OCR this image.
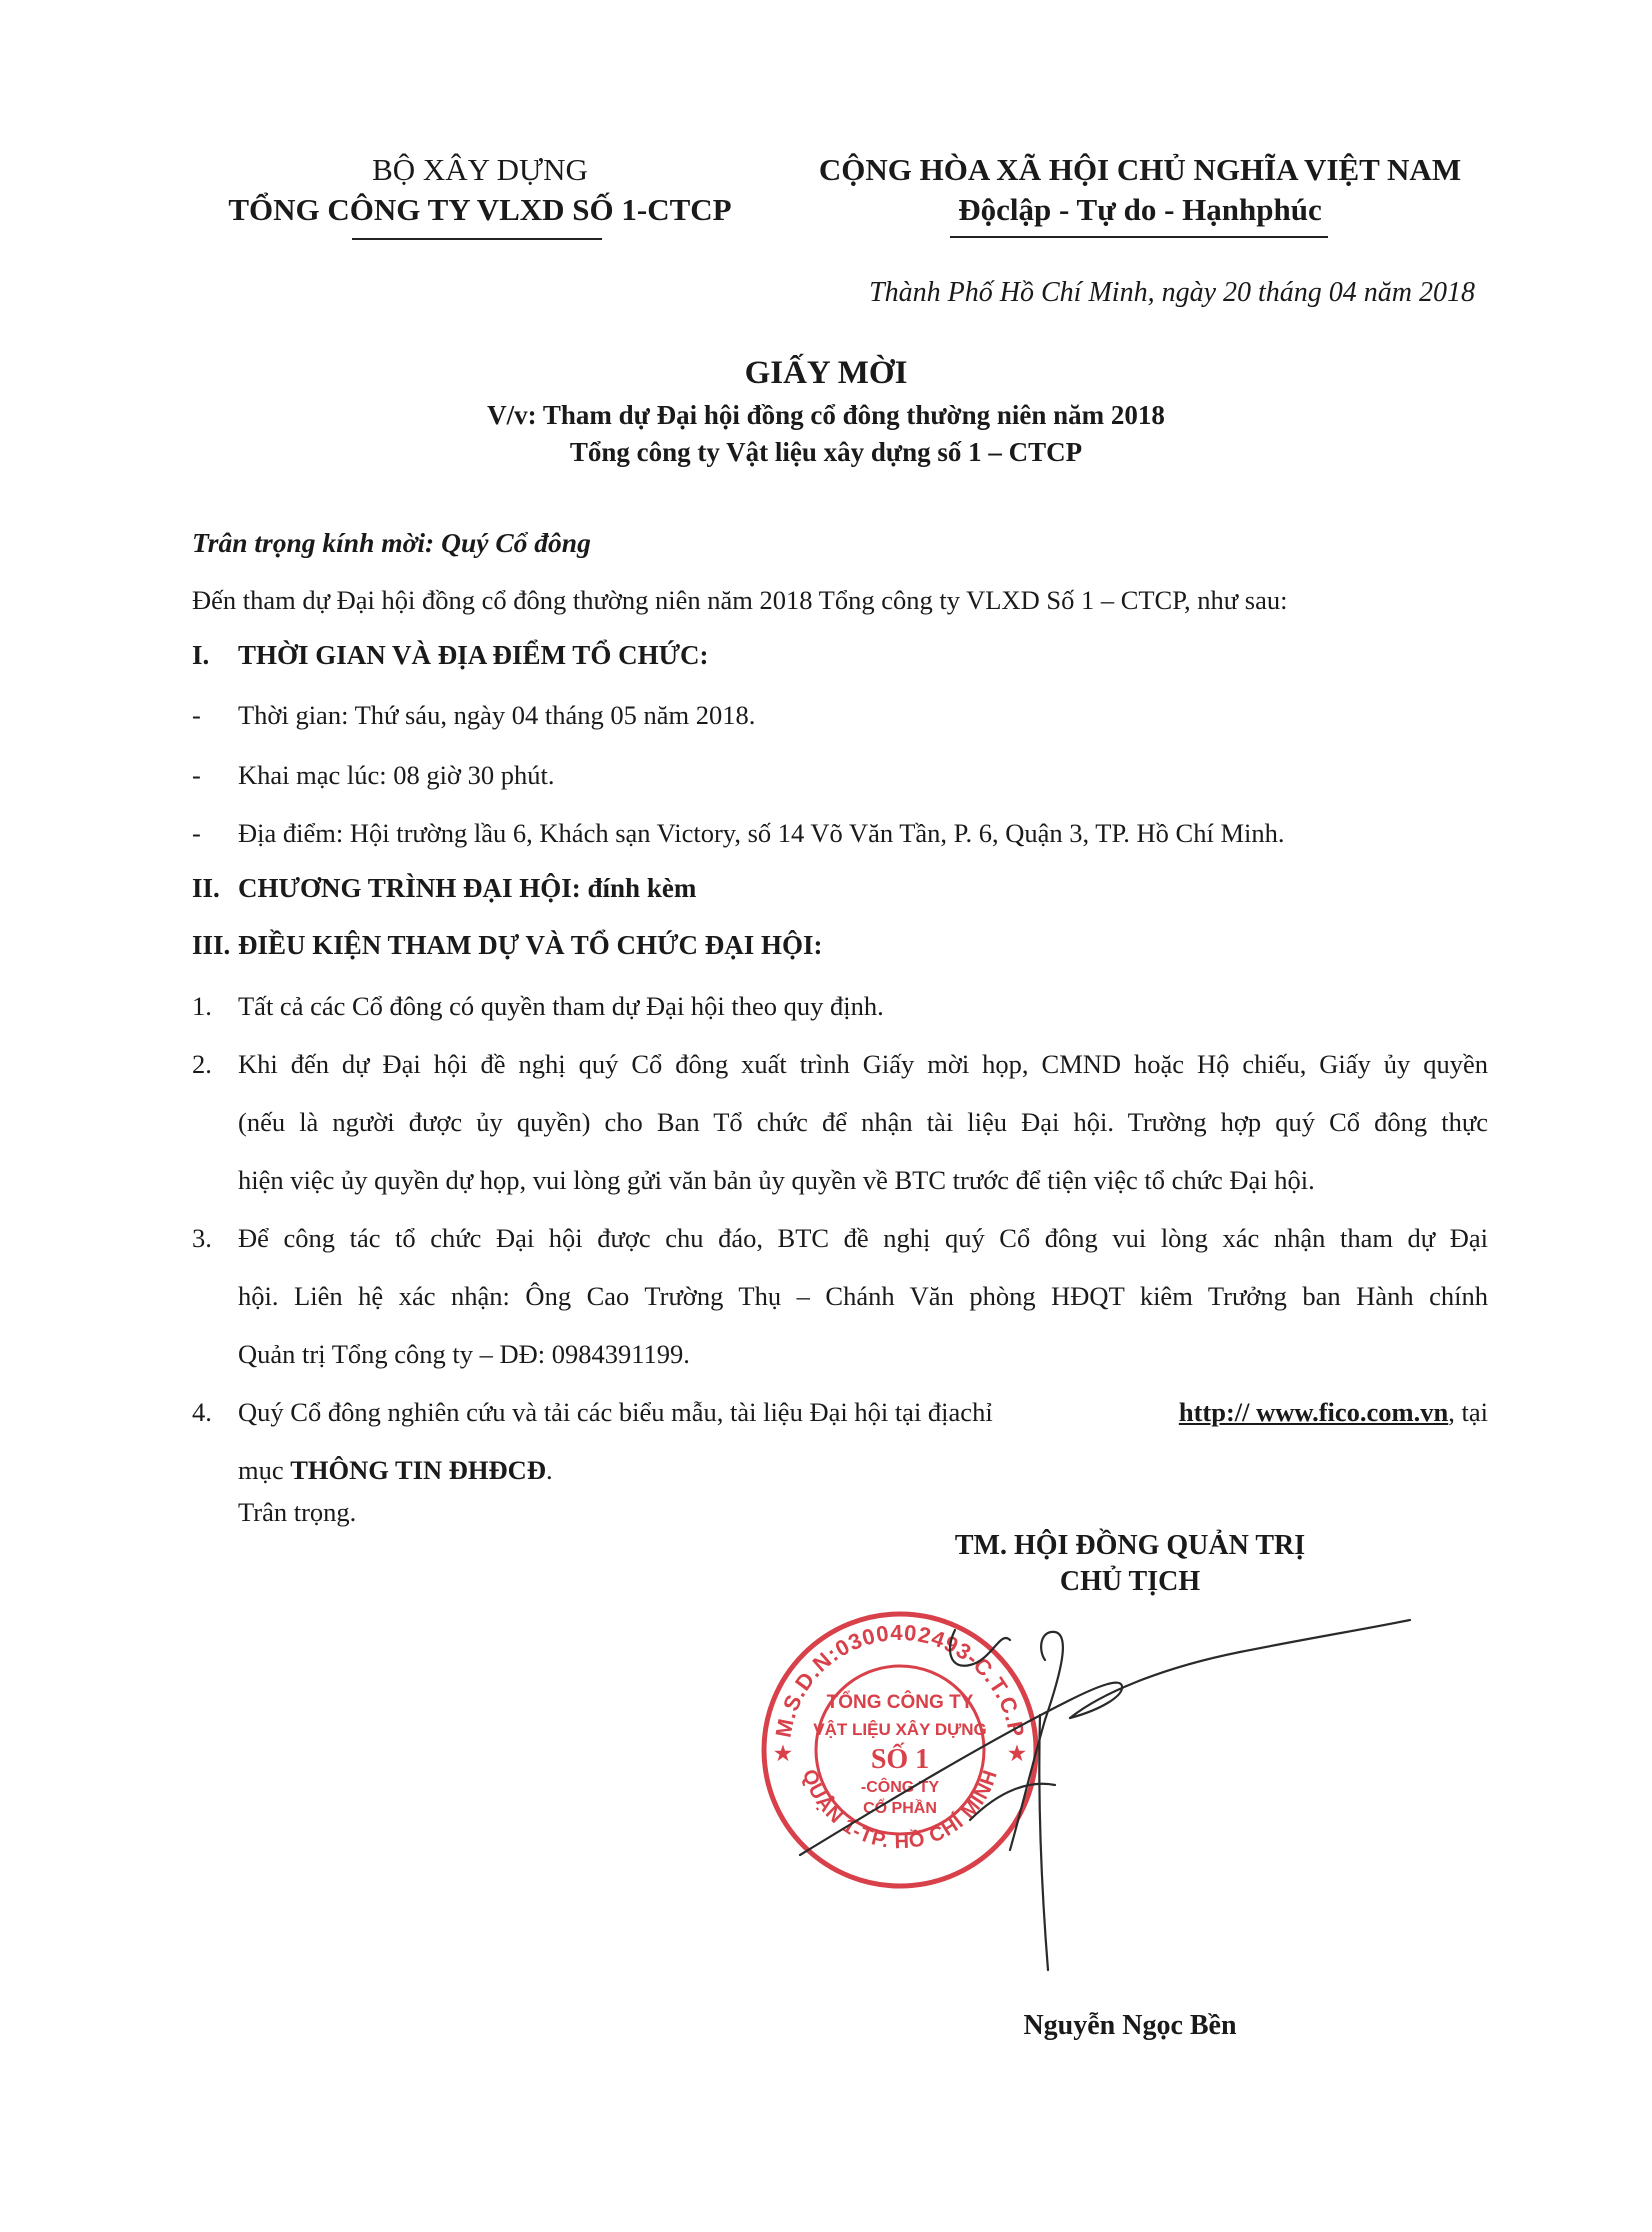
BỘ XÂY DỰNG
TỔNG CÔNG TY VLXD SỐ 1-CTCP
CỘNG HÒA XÃ HỘI CHỦ NGHĨA VIỆT NAM
Độclập - Tự do - Hạnhphúc
Thành Phố Hồ Chí Minh, ngày 20 tháng 04 năm 2018
GIẤY MỜI
V/v: Tham dự Đại hội đồng cổ đông thường niên năm 2018
Tổng công ty Vật liệu xây dựng số 1 – CTCP
Trân trọng kính mời: Quý Cổ đông
Đến tham dự Đại hội đồng cổ đông thường niên năm 2018 Tổng công ty VLXD Số 1 – CTCP, như sau:
I. THỜI GIAN VÀ ĐỊA ĐIỂM TỔ CHỨC:
- Thời gian: Thứ sáu, ngày 04 tháng 05 năm 2018.
- Khai mạc lúc: 08 giờ 30 phút.
- Địa điểm: Hội trường lầu 6, Khách sạn Victory, số 14 Võ Văn Tần, P. 6, Quận 3, TP. Hồ Chí Minh.
II. CHƯƠNG TRÌNH ĐẠI HỘI: đính kèm
III. ĐIỀU KIỆN THAM DỰ VÀ TỔ CHỨC ĐẠI HỘI:
1. Tất cả các Cổ đông có quyền tham dự Đại hội theo quy định.
2. Khi đến dự Đại hội đề nghị quý Cổ đông xuất trình Giấy mời họp, CMND hoặc Hộ chiếu, Giấy ủy quyền
(nếu là người được ủy quyền) cho Ban Tổ chức để nhận tài liệu Đại hội. Trường hợp quý Cổ đông thực
hiện việc ủy quyền dự họp, vui lòng gửi văn bản ủy quyền về BTC trước để tiện việc tổ chức Đại hội.
3. Để công tác tổ chức Đại hội được chu đáo, BTC đề nghị quý Cổ đông vui lòng xác nhận tham dự Đại
hội. Liên hệ xác nhận: Ông Cao Trường Thụ – Chánh Văn phòng HĐQT kiêm Trưởng ban Hành chính
Quản trị Tổng công ty – DĐ: 0984391199.
4. Quý Cổ đông nghiên cứu và tải các biểu mẫu, tài liệu Đại hội tại địachỉ	http:// www.fico.com.vn, tại
mục THÔNG TIN ĐHĐCĐ.
Trân trọng.
TM. HỘI ĐỒNG QUẢN TRỊ
CHỦ TỊCH
M.S.D.N:0300402493-C.T.C.P
QUẬN 1-TP. HỒ CHÍ MINH
TỔNG CÔNG TY
VẬT LIỆU XÂY DỰNG
SỐ 1
-CÔNG TY
CỔ PHẦN
★	★
Nguyễn Ngọc Bền
